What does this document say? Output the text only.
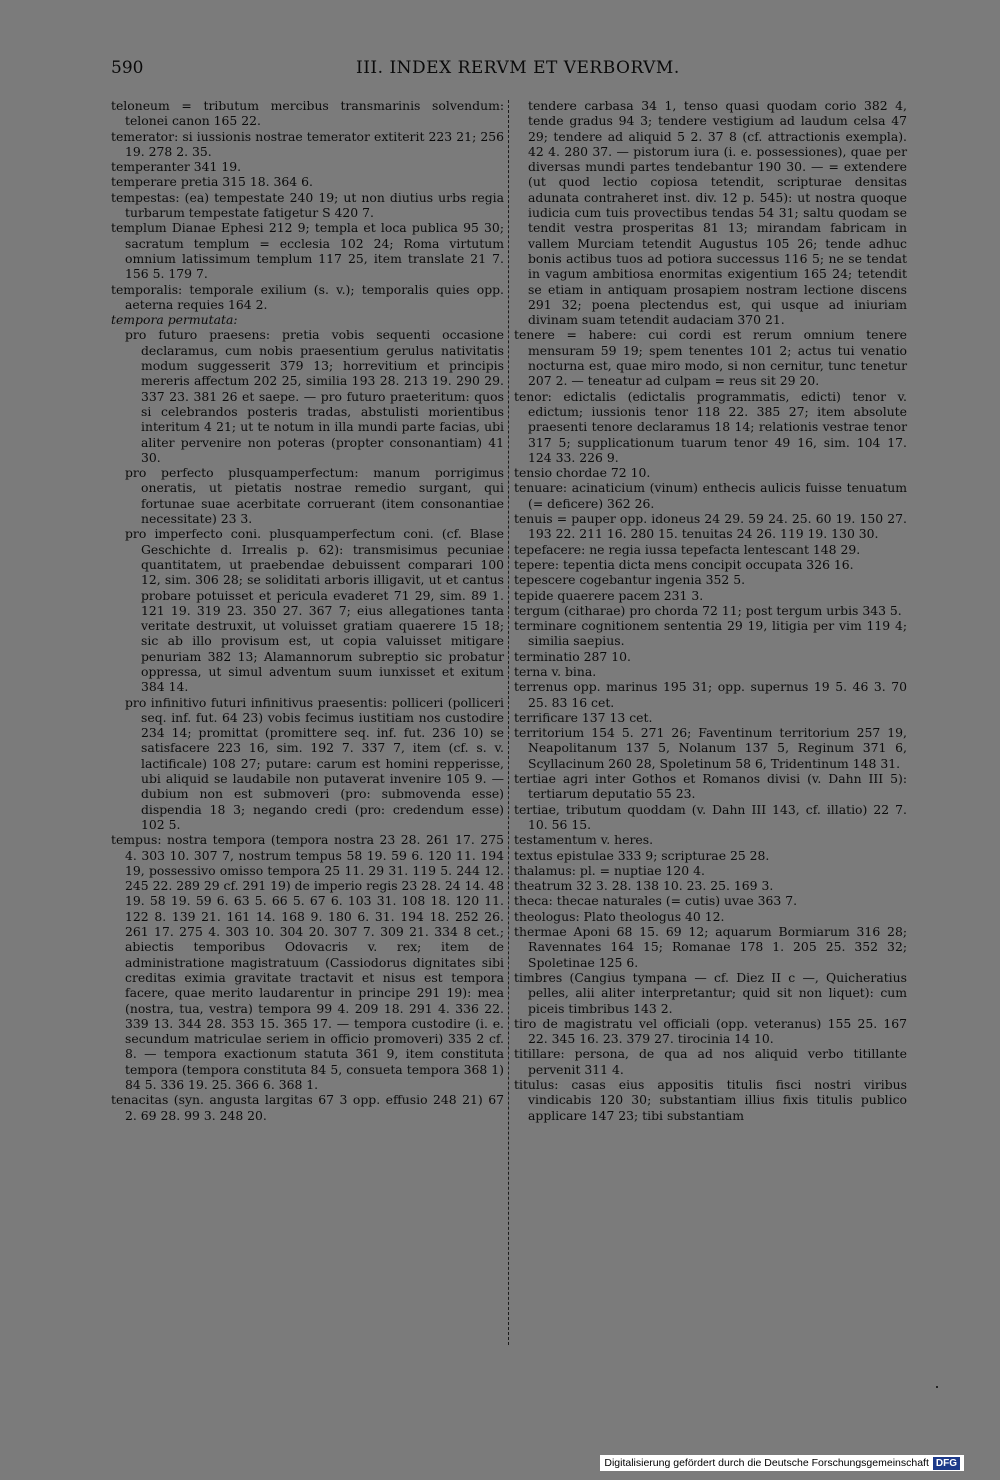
590	III. INDEX RERVM ET VERBORVM.

teloneum = tributum mercibus transmarinis solvendum: telonei canon 165 22.

temerator: si iussionis nostrae temerator extiterit 223 21; 256 19. 278 2. 35.

temperanter 341 19.

temperare pretia 315 18. 364 6.

tempestas: (ea) tempestate 240 19; ut non diutius urbs regia turbarum tempestate fatigetur S 420 7.

templum Dianae Ephesi 212 9; templa et loca publica 95 30; sacratum templum = ecclesia 102 24; Roma virtutum omnium latissimum templum 117 25, item translate 21 7. 156 5. 179 7.

temporalis: temporale exilium (s. v.); temporalis quies opp. aeterna requies 164 2.

tempora permutata:

pro futuro praesens: pretia vobis sequenti occasione declaramus, cum nobis praesentium gerulus nativitatis modum suggesserit 379 13; horrevitium et principis mereris affectum 202 25, similia 193 28. 213 19. 290 29. 337 23. 381 26 et saepe. — pro futuro praeteritum: quos si celebrandos posteris tradas, abstulisti morientibus interitum 4 21; ut te notum in illa mundi parte facias, ubi aliter pervenire non poteras (propter consonantiam) 41 30.

pro perfecto plusquamperfectum: manum porrigimus oneratis, ut pietatis nostrae remedio surgant, qui fortunae suae acerbitate corruerant (item consonantiae necessitate) 23 3.

pro imperfecto coni. plusquamperfectum coni. (cf. Blase Geschichte d. Irrealis p. 62): transmisimus pecuniae quantitatem, ut praebendae debuissent comparari 100 12, sim. 306 28; se soliditati arboris illigavit, ut et cantus probare potuisset et pericula evaderet 71 29, sim. 89 1. 121 19. 319 23. 350 27. 367 7; eius allegationes tanta veritate destruxit, ut voluisset gratiam quaerere 15 18; sic ab illo provisum est, ut copia valuisset mitigare penuriam 382 13; Alamannorum subreptio sic probatur oppressa, ut simul adventum suum iunxisset et exitum 384 14.

pro infinitivo futuri infinitivus praesentis: polliceri (polliceri seq. inf. fut. 64 23) vobis fecimus iustitiam nos custodire 234 14; promittat (promittere seq. inf. fut. 236 10) se satisfacere 223 16, sim. 192 7. 337 7, item (cf. s. v. lactificale) 108 27; putare: carum est homini repperisse, ubi aliquid se laudabile non putaverat invenire 105 9. — dubium non est submoveri (pro: submovenda esse) dispendia 18 3; negando credi (pro: credendum esse) 102 5.

tempus: nostra tempora (tempora nostra 23 28. 261 17. 275 4. 303 10. 307 7, nostrum tempus 58 19. 59 6. 120 11. 194 19, possessivo omisso tempora 25 11. 29 31. 119 5. 244 12. 245 22. 289 29 cf. 291 19) de imperio regis 23 28. 24 14. 48 19. 58 19. 59 6. 63 5. 66 5. 67 6. 103 31. 108 18. 120 11. 122 8. 139 21. 161 14. 168 9. 180 6. 31. 194 18. 252 26. 261 17. 275 4. 303 10. 304 20. 307 7. 309 21. 334 8 cet.; abiectis temporibus Odovacris v. rex; item de administratione magistratuum (Cassiodorus dignitates sibi creditas eximia gravitate tractavit et nisus est tempora facere, quae merito laudarentur in principe 291 19): mea (nostra, tua, vestra) tempora 99 4. 209 18. 291 4. 336 22. 339 13. 344 28. 353 15. 365 17. — tempora custodire (i. e. secundum matriculae seriem in officio promoveri) 335 2 cf. 8. — tempora exactionum statuta 361 9, item constituta tempora (tempora constituta 84 5, consueta tempora 368 1) 84 5. 336 19. 25. 366 6. 368 1.

tenacitas (syn. angusta largitas 67 3 opp. effusio 248 21) 67 2. 69 28. 99 3. 248 20.

tendere carbasa 34 1, tenso quasi quodam corio 382 4, tende gradus 94 3; tendere vestigium ad laudum celsa 47 29; tendere ad aliquid 5 2. 37 8 (cf. attractionis exempla). 42 4. 280 37. — pistorum iura (i. e. possessiones), quae per diversas mundi partes tendebantur 190 30. — = extendere (ut quod lectio copiosa tetendit, scripturae densitas adunata contraheret inst. div. 12 p. 545): ut nostra quoque iudicia cum tuis provectibus tendas 54 31; saltu quodam se tendit vestra prosperitas 81 13; mirandam fabricam in vallem Murciam tetendit Augustus 105 26; tende adhuc bonis actibus tuos ad potiora successus 116 5; ne se tendat in vagum ambitiosa enormitas exigentium 165 24; tetendit se etiam in antiquam prosapiem nostram lectione discens 291 32; poena plectendus est, qui usque ad iniuriam divinam suam tetendit audaciam 370 21.

tenere = habere: cui cordi est rerum omnium tenere mensuram 59 19; spem tenentes 101 2; actus tui venatio nocturna est, quae miro modo, si non cernitur, tunc tenetur 207 2. — teneatur ad culpam = reus sit 29 20.

tenor: edictalis (edictalis programmatis, edicti) tenor v. edictum; iussionis tenor 118 22. 385 27; item absolute praesenti tenore declaramus 18 14; relationis vestrae tenor 317 5; supplicationum tuarum tenor 49 16, sim. 104 17. 124 33. 226 9.

tensio chordae 72 10.

tenuare: acinaticium (vinum) enthecis aulicis fuisse tenuatum (= deficere) 362 26.

tenuis = pauper opp. idoneus 24 29. 59 24. 25. 60 19. 150 27. 193 22. 211 16. 280 15. tenuitas 24 26. 119 19. 130 30.

tepefacere: ne regia iussa tepefacta lentescant 148 29.

tepere: tepentia dicta mens concipit occupata 326 16.

tepescere cogebantur ingenia 352 5.

tepide quaerere pacem 231 3.

tergum (citharae) pro chorda 72 11; post tergum urbis 343 5.

terminare cognitionem sententia 29 19, litigia per vim 119 4; similia saepius.

terminatio 287 10.

terna v. bina.

terrenus opp. marinus 195 31; opp. supernus 19 5. 46 3. 70 25. 83 16 cet.

terrificare 137 13 cet.

territorium 154 5. 271 26; Faventinum territorium 257 19, Neapolitanum 137 5, Nolanum 137 5, Reginum 371 6, Scyllacinum 260 28, Spoletinum 58 6, Tridentinum 148 31.

tertiae agri inter Gothos et Romanos divisi (v. Dahn III 5): tertiarum deputatio 55 23.

tertiae, tributum quoddam (v. Dahn III 143, cf. illatio) 22 7. 10. 56 15.

testamentum v. heres.

textus epistulae 333 9; scripturae 25 28.

thalamus: pl. = nuptiae 120 4.

theatrum 32 3. 28. 138 10. 23. 25. 169 3.

theca: thecae naturales (= cutis) uvae 363 7.

theologus: Plato theologus 40 12.

thermae Aponi 68 15. 69 12; aquarum Bormiarum 316 28; Ravennates 164 15; Romanae 178 1. 205 25. 352 32; Spoletinae 125 6.

timbres (Cangius tympana — cf. Diez II c —, Quicheratius pelles, alii aliter interpretantur; quid sit non liquet): cum piceis timbribus 143 2.

tiro de magistratu vel officiali (opp. veteranus) 155 25. 167 22. 345 16. 23. 379 27. tirocinia 14 10.

titillare: persona, de qua ad nos aliquid verbo titillante pervenit 311 4.

titulus: casas eius appositis titulis fisci nostri viribus vindicabis 120 30; substantiam illius fixis titulis publico applicare 147 23; tibi substantiam

Digitalisierung gefördert durch die Deutsche Forschungsgemeinschaft DFG
